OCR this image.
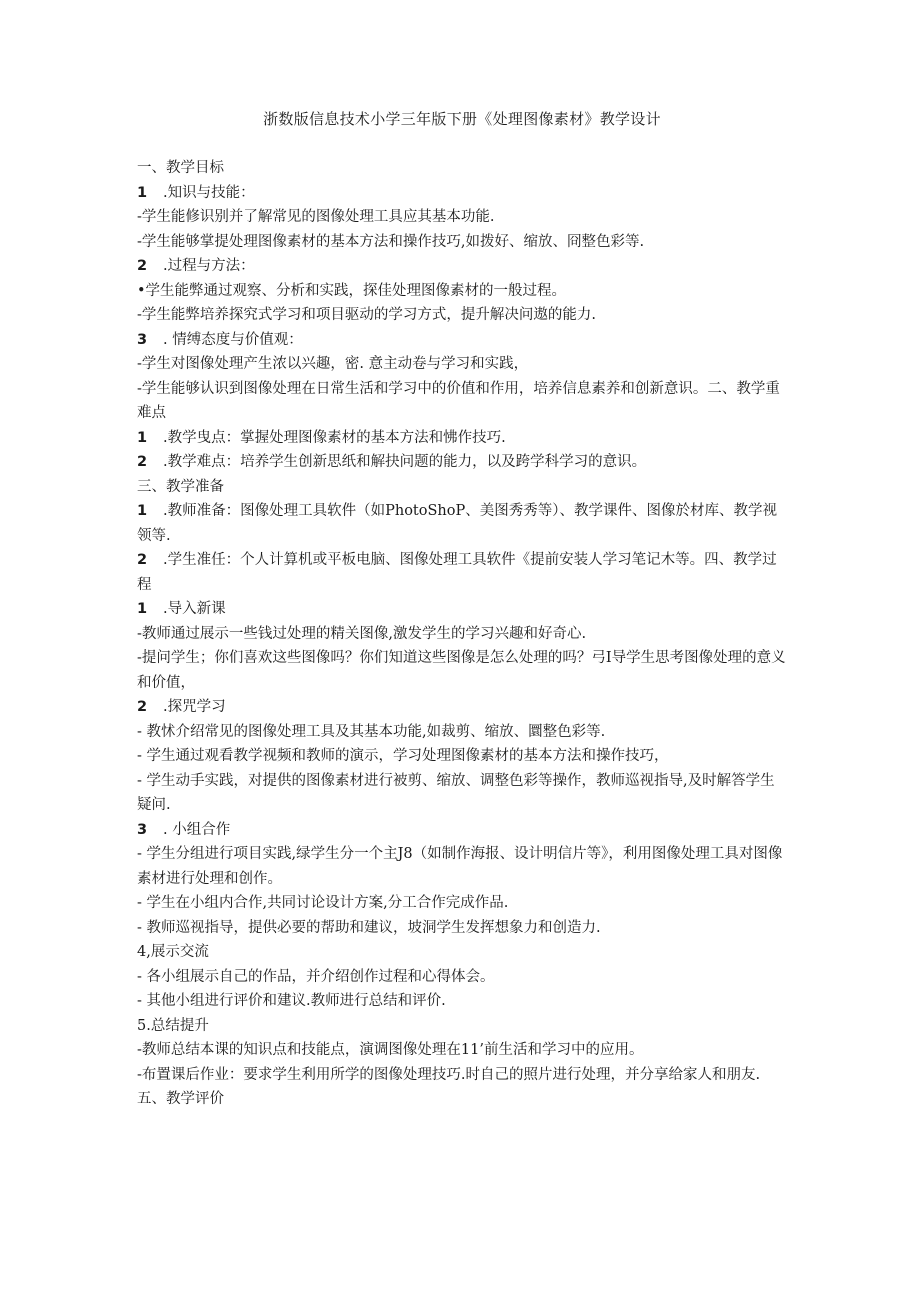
浙数版信息技术小学三年版下册《处理图像素材》教学设计
一、教学目标
1 .知识与技能：
-学生能修识别并了解常见的图像处理工具应其基本功能.
-学生能够掌提处理图像素材的基本方法和操作技巧,如拨好、缩放、冏整色彩等.
2 .过程与方法：
•学生能弊通过观察、分析和实践，探佳处理图像素材的一般过程。
-学生能弊培养探究式学习和项目驱动的学习方式，提升解决问遨的能力.
3 . 情缚态度与价值观：
-学生对图像处理产生浓以兴趣，密. 意主动卷与学习和实践，
-学生能够认识到图像处理在日常生活和学习中的价值和作用，培养信息素养和创新意识。二、教学重难点
1 .教学曳点：掌握处理图像素材的基本方法和怫作技巧.
2 .教学难点：培养学生创新思纸和解抉问题的能力，以及跨学科学习的意识。
三、教学准备
1 .教师准备：图像处理工具软件（如PhotoShoP、美图秀秀等）、教学课件、图像於材库、教学视领等.
2 .学生准任：个人计算机或平板电脑、图像处理工具软件《提前安装人学习笔记木等。四、教学过程
1 .导入新课
-教师通过展示一些钱过处理的精关图像,激发学生的学习兴趣和好奇心.
-提问学生；你们喜欢这些图像吗？你们知道这些图像是怎么处理的吗？弓I导学生思考图像处理的意义和价值，
2 .探咒学习
- 教怵介绍常见的图像处理工具及其基本功能,如裁剪、缩放、圜整色彩等.
- 学生通过观看教学视频和教师的演示，学习处理图像素材的基本方法和操作技巧，
- 学生动手实践，对提供的图像素材进行被剪、缩放、调整色彩等操作，教师巡视指导,及时解答学生疑问.
3 . 小组合作
- 学生分组进行项目实践,绿学生分一个主J8（如制作海报、设计明信片等》，利用图像处理工具对图像素材进行处理和创作。
- 学生在小组内合作,共同讨论设计方案,分工合作完成作品.
- 教师巡视指导，提供必要的帮助和建议，坡洞学生发挥想象力和创造力.
4,展示交流
- 各小组展示自己的作品，并介绍创作过程和心得体会。
- 其他小组进行评价和建议.教师进行总结和评价.
5.总结提升
-教师总结本课的知识点和技能点，演调图像处理在11’前生活和学习中的应用。
-布置课后作业：要求学生利用所学的图像处理技巧.时自己的照片进行处理，并分享给家人和朋友.
五、教学评价
